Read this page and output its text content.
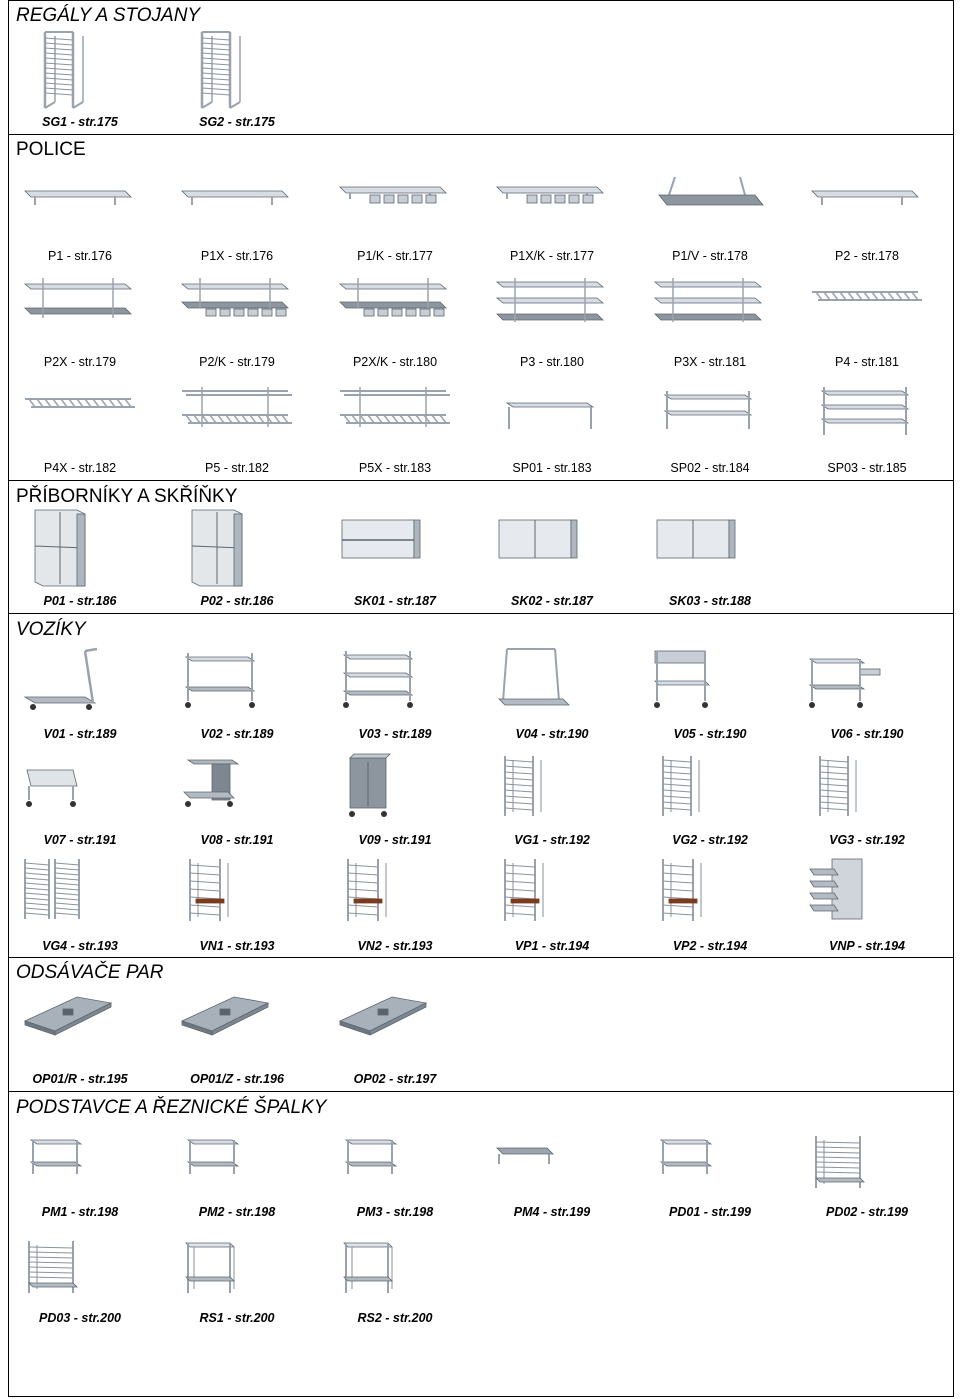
REGÁLY A STOJANY
POLICE
PŘÍBORNÍKY A SKŘÍŇKY
VOZÍKY
ODSÁVAČE PAR
PODSTAVCE A ŘEZNICKÉ ŠPALKY
SG1 - str.175	SG2 - str.175
P1 - str.176	P1X - str.176	P1/K - str.177	P1X/K - str.177	P1/V - str.178	P2 - str.178
P2X - str.179	P2/K - str.179	P2X/K - str.180	P3 - str.180	P3X - str.181	P4 - str.181
P4X - str.182	P5 - str.182	P5X - str.183	SP01 - str.183	SP02 - str.184	SP03 - str.185
P01 - str.186	P02 - str.186	SK01 - str.187	SK02 - str.187	SK03 - str.188
V01 - str.189	V02 - str.189	V03 - str.189	V04 - str.190	V05 - str.190	V06 - str.190
V07 - str.191	V08 - str.191	V09 - str.191	VG1 - str.192	VG2 - str.192	VG3 - str.192
VG4 - str.193	VN1 - str.193	VN2 - str.193	VP1 - str.194	VP2 - str.194	VNP - str.194
OP01/R - str.195	OP01/Z - str.196	OP02 - str.197
PM1 - str.198	PM2 - str.198	PM3 - str.198	PM4 - str.199	PD01 - str.199	PD02 - str.199
PD03 - str.200	RS1 - str.200	RS2 - str.200
